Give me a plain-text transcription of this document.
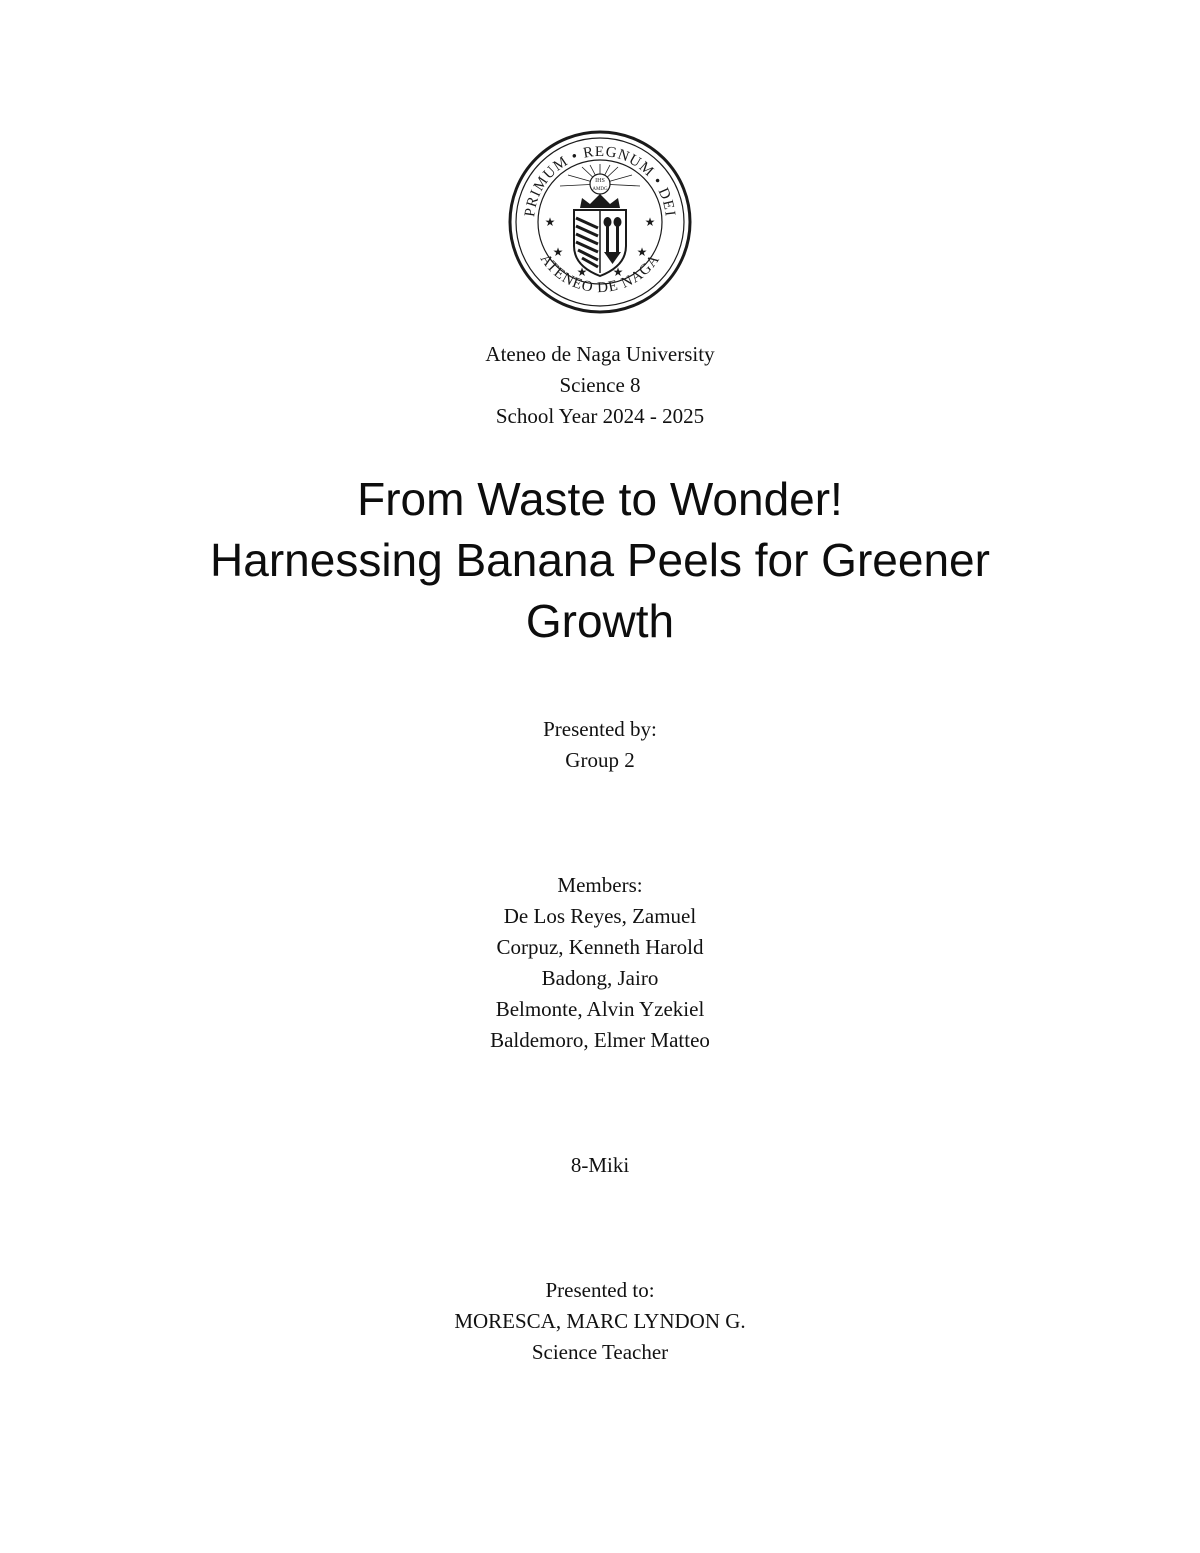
PRIMUM • REGNUM • DEI
ATENEO DE NAGA
IHS
AMDG
★	★
★	★
★ ★
Ateneo de Naga University
Science 8
School Year 2024 - 2025
From Waste to Wonder!
Harnessing Banana Peels for Greener
Growth
Presented by:
Group 2
Members:
De Los Reyes, Zamuel
Corpuz, Kenneth Harold
Badong, Jairo
Belmonte, Alvin Yzekiel
Baldemoro, Elmer Matteo
8-Miki
Presented to:
MORESCA, MARC LYNDON G.
Science Teacher
